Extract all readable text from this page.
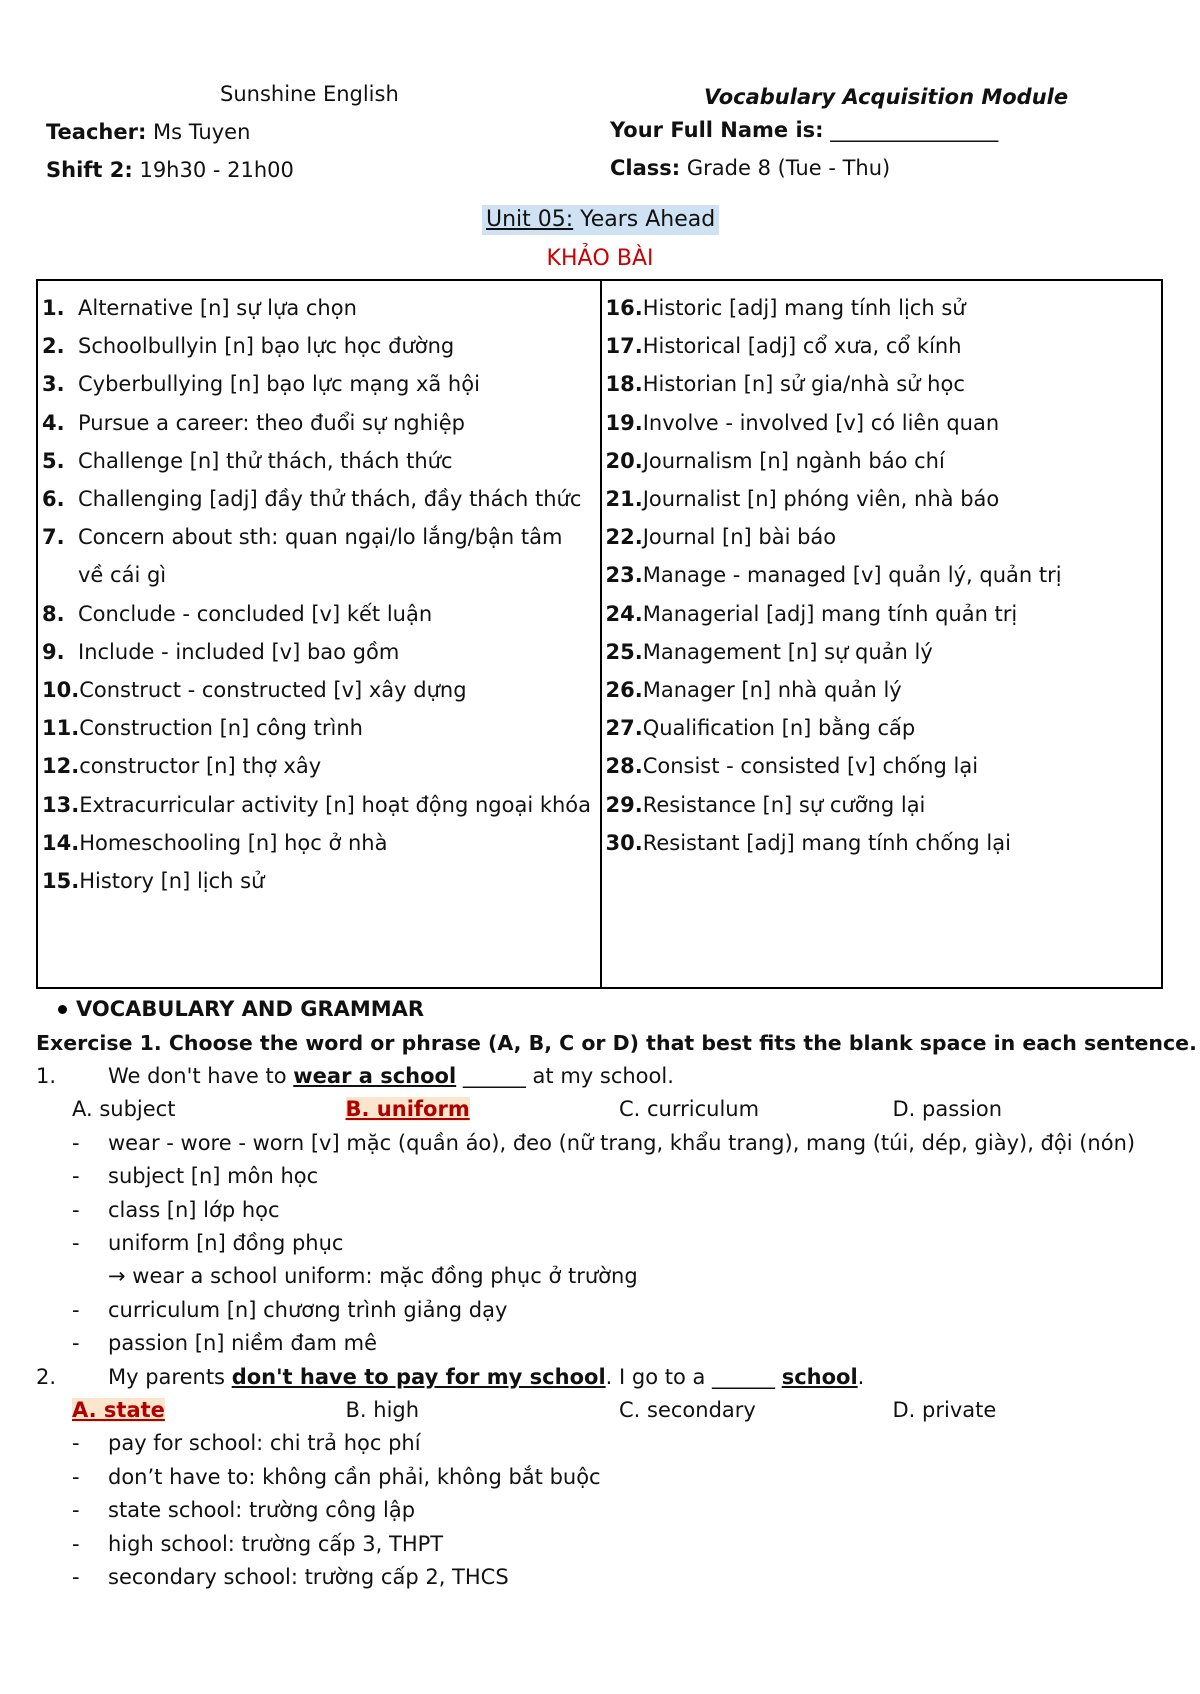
Sunshine English
Teacher: Ms Tuyen
Shift 2: 19h30 - 21h00
Vocabulary Acquisition Module
Your Full Name is: ________________
Class: Grade 8 (Tue - Thu)
Unit 05: Years Ahead
KHẢO BÀI
1. Alternative [n] sự lựa chọn
2. Schoolbullyin [n] bạo lực học đường
3. Cyberbullying [n] bạo lực mạng xã hội
4. Pursue a career: theo đuổi sự nghiệp
5. Challenge [n] thử thách, thách thức
6. Challenging [adj] đầy thử thách, đầy thách thức
7. Concern about sth: quan ngại/lo lắng/bận tâm về cái gì
8. Conclude - concluded [v] kết luận
9. Include - included [v] bao gồm
10. Construct - constructed [v] xây dựng
11. Construction [n] công trình
12. constructor [n] thợ xây
13. Extracurricular activity [n] hoạt động ngoại khóa
14. Homeschooling [n] học ở nhà
15. History [n] lịch sử
16. Historic [adj] mang tính lịch sử
17. Historical [adj] cổ xưa, cổ kính
18. Historian [n] sử gia/nhà sử học
19. Involve - involved [v] có liên quan
20. Journalism [n] ngành báo chí
21. Journalist [n] phóng viên, nhà báo
22. Journal [n] bài báo
23. Manage - managed [v] quản lý, quản trị
24. Managerial [adj] mang tính quản trị
25. Management [n] sự quản lý
26. Manager [n] nhà quản lý
27. Qualification [n] bằng cấp
28. Consist - consisted [v] chống lại
29. Resistance [n] sự cưỡng lại
30. Resistant [adj] mang tính chống lại
VOCABULARY AND GRAMMAR
Exercise 1. Choose the word or phrase (A, B, C or D) that best fits the blank space in each sentence.
1.	We don't have to wear a school ______ at my school.
A. subject	B. uniform	C. curriculum	D. passion
-	wear - wore - worn [v] mặc (quần áo), đeo (nữ trang, khẩu trang), mang (túi, dép, giày), đội (nón)
-	subject [n] môn học
-	class [n] lớp học
-	uniform [n] đồng phục
→ wear a school uniform: mặc đồng phục ở trường
-	curriculum [n] chương trình giảng dạy
-	passion [n] niềm đam mê
2.	My parents don't have to pay for my school. I go to a ______ school.
A. state	B. high	C. secondary	D. private
-	pay for school: chi trả học phí
-	don’t have to: không cần phải, không bắt buộc
-	state school: trường công lập
-	high school: trường cấp 3, THPT
-	secondary school: trường cấp 2, THCS
